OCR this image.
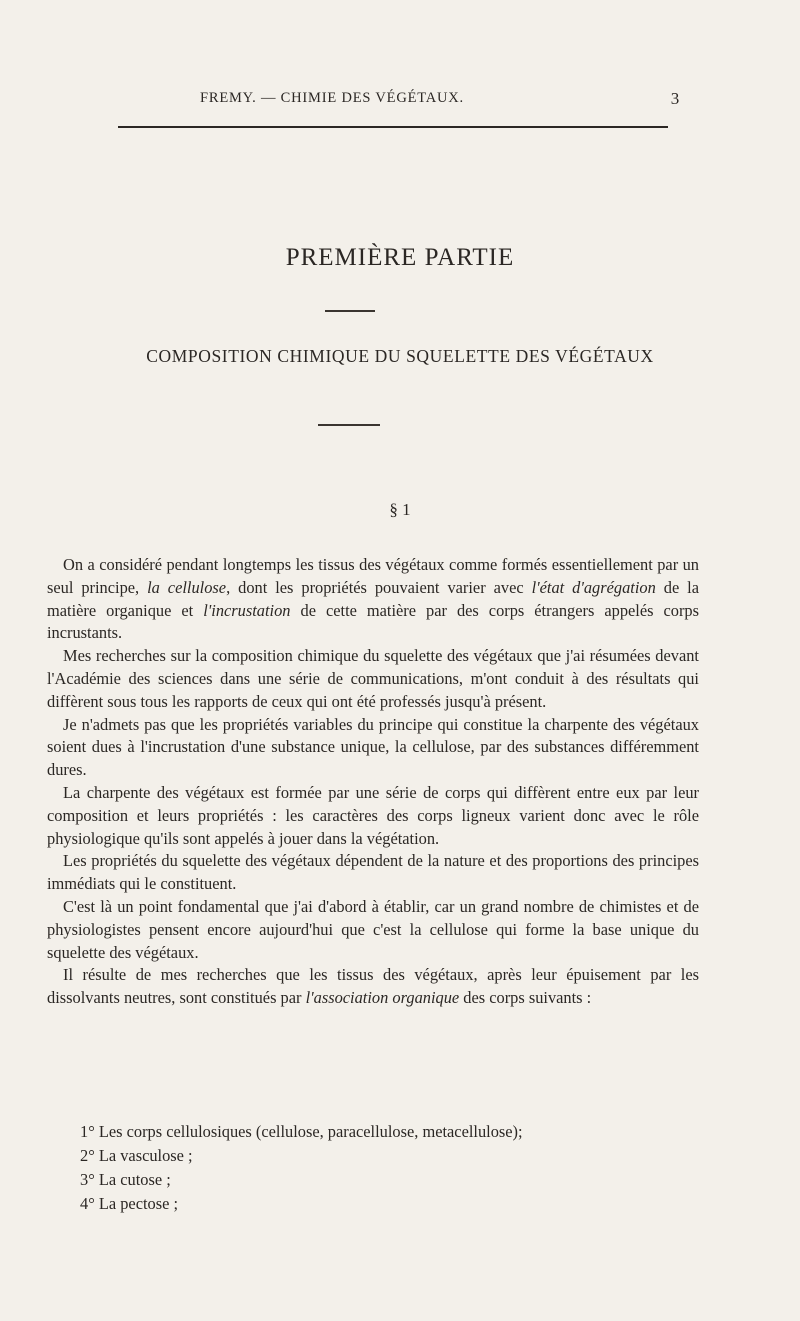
FREMY. — CHIMIE DES VÉGÉTAUX.	3
PREMIÈRE PARTIE
COMPOSITION CHIMIQUE DU SQUELETTE DES VÉGÉTAUX
§ 1

On a considéré pendant longtemps les tissus des végétaux comme formés essentiellement par un seul principe, la cellulose, dont les propriétés pouvaient varier avec l'état d'agrégation de la matière organique et l'incrustation de cette matière par des corps étrangers appelés corps incrustants.

Mes recherches sur la composition chimique du squelette des végétaux que j'ai résumées devant l'Académie des sciences dans une série de communications, m'ont conduit à des résultats qui diffèrent sous tous les rapports de ceux qui ont été professés jusqu'à présent.

Je n'admets pas que les propriétés variables du principe qui constitue la charpente des végétaux soient dues à l'incrustation d'une substance unique, la cellulose, par des substances différemment dures.

La charpente des végétaux est formée par une série de corps qui diffèrent entre eux par leur composition et leurs propriétés : les caractères des corps ligneux varient donc avec le rôle physiologique qu'ils sont appelés à jouer dans la végétation.

Les propriétés du squelette des végétaux dépendent de la nature et des proportions des principes immédiats qui le constituent.

C'est là un point fondamental que j'ai d'abord à établir, car un grand nombre de chimistes et de physiologistes pensent encore aujourd'hui que c'est la cellulose qui forme la base unique du squelette des végétaux.

Il résulte de mes recherches que les tissus des végétaux, après leur épuisement par les dissolvants neutres, sont constitués par l'association organique des corps suivants :

1° Les corps cellulosiques (cellulose, paracellulose, metacellulose);
2° La vasculose ;
3° La cutose ;
4° La pectose ;
